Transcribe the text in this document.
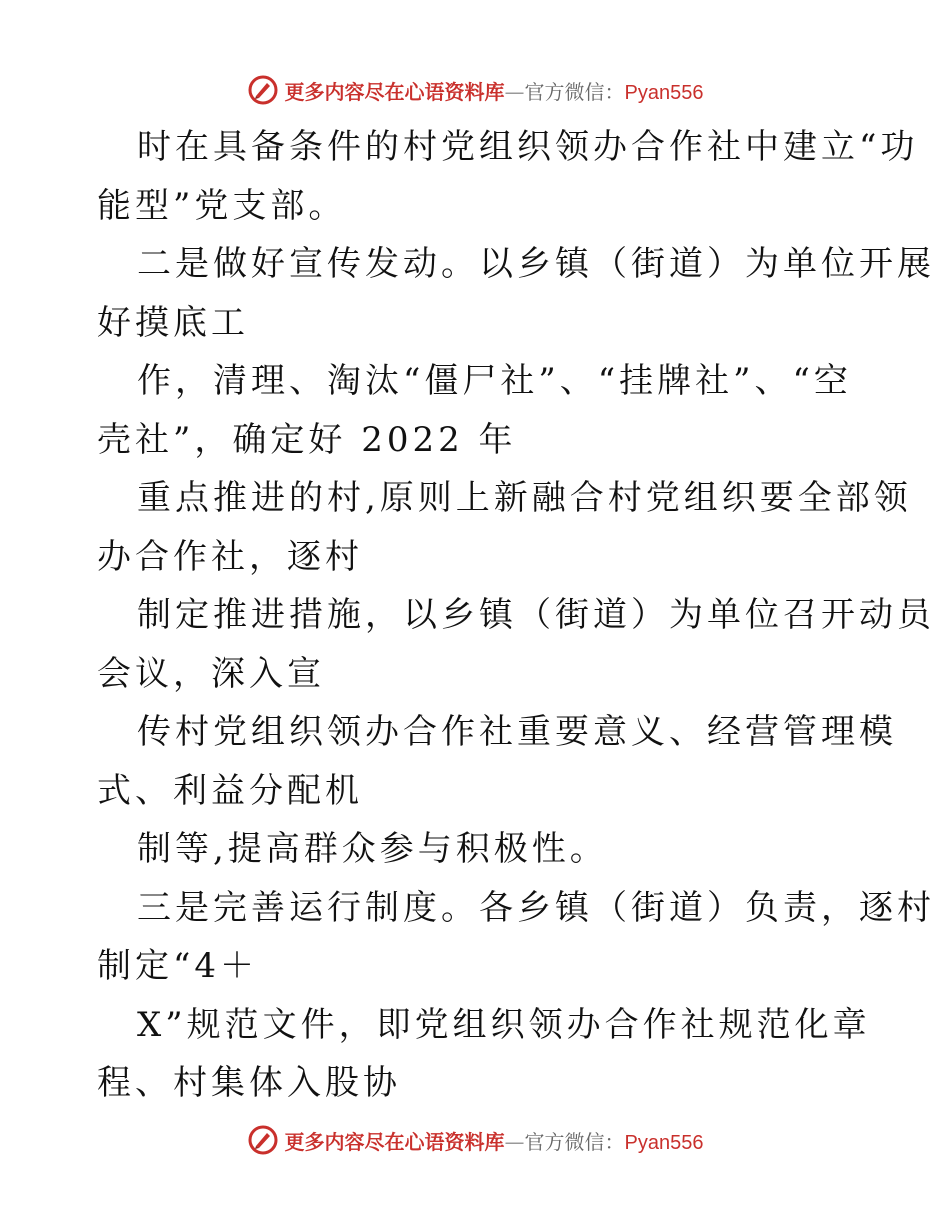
更多内容尽在心语资料库—官方微信：Pyan556
时在具备条件的村党组织领办合作社中建立“功
能型”党支部。
二是做好宣传发动。以乡镇（街道）为单位开展
好摸底工
作，清理、淘汰“僵尸社”、“挂牌社”、“空
壳社”，确定好 2022 年
重点推进的村,原则上新融合村党组织要全部领
办合作社，逐村
制定推进措施，以乡镇（街道）为单位召开动员
会议，深入宣
传村党组织领办合作社重要意义、经营管理模
式、利益分配机
制等,提高群众参与积极性。
三是完善运行制度。各乡镇（街道）负责，逐村
制定“4＋
X”规范文件，即党组织领办合作社规范化章
程、村集体入股协
更多内容尽在心语资料库—官方微信：Pyan556
